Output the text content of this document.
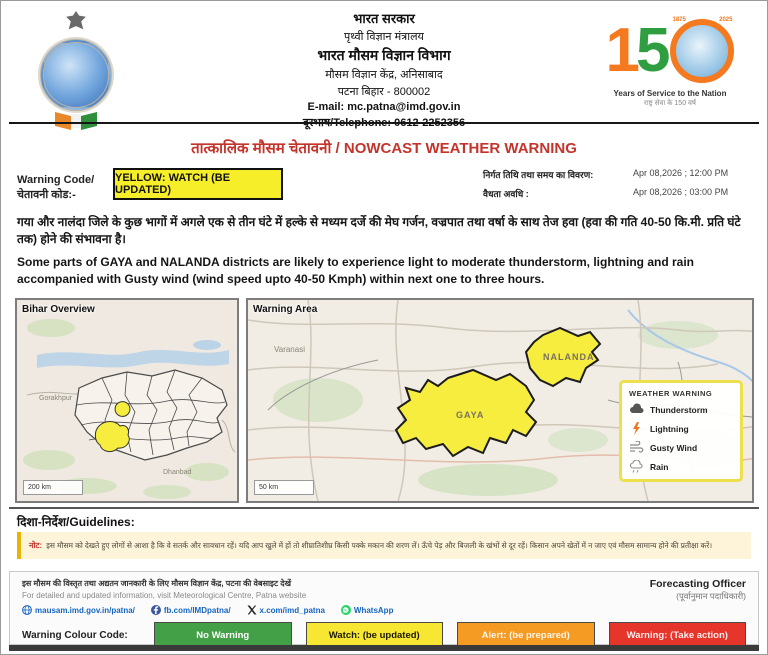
भारत सरकार
पृथ्वी विज्ञान मंत्रालय
भारत मौसम विज्ञान विभाग
मौसम विज्ञान केंद्र, अनिसाबाद
पटना बिहार - 800002
E-mail: mc.patna@imd.gov.in
दूरभाष/Telephone: 0612-2252356
1 5 1875	2025
Years of Service to the Nation
राष्ट्र सेवा के 150 वर्ष
तात्कालिक मौसम चेतावनी / NOWCAST WEATHER WARNING
Warning Code/
चेतावनी कोड:-
YELLOW: WATCH (BE UPDATED)
निर्गत तिथि तथा समय का विवरण:	Apr 08,2026 ; 12:00 PM
वैधता अवधि :	Apr 08,2026 ; 03:00 PM
गया और नालंदा जिले के कुछ भागों में अगले एक से तीन घंटे में हल्के से मध्यम दर्जे की मेघ गर्जन, वज्रपात तथा वर्षा के साथ तेज हवा (हवा की गति 40-50 कि.मी. प्रति घंटे तक) होने की संभावना है।
Some parts of GAYA and NALANDA districts are likely to experience light to moderate thunderstorm, lightning and rain accompanied with Gusty wind (wind speed upto 40-50 Kmph) within next one to three hours.
Bihar Overview
Gorakhpur
Dhanbad
200 km
Warning Area
NALANDA
GAYA
Varanasi
WEATHER WARNING
Thunderstorm
Lightning
Gusty Wind
Rain
50 km
दिशा-निर्देश/Guidelines:
नोट: इस मौसम को देखते हुए लोगों से आशा है कि वे सतर्क और सावधान रहें। यदि आप खुले में हों तो शीघ्रातिशीघ्र किसी पक्के मकान की शरण लें। ऊँचे पेड़ और बिजली के खंभों से दूर रहें। किसान अपने खेतों में न जाए एवं मौसम सामान्य होने की प्रतीक्षा करें।
इस मौसम की विस्तृत तथा अद्यतन जानकारी के लिए मौसम विज्ञान केंद्र, पटना की वेबसाइट देखें
For detailed and updated information, visit Meteorological Centre, Patna website
mausam.imd.gov.in/patna/	fb.com/IMDpatna/	x.com/imd_patna	WhatsApp
Forecasting Officer
(पूर्वानुमान पदाधिकारी)
Warning Colour Code:	No Warning	Watch: (be updated)	Alert: (be prepared)	Warning: (Take action)
